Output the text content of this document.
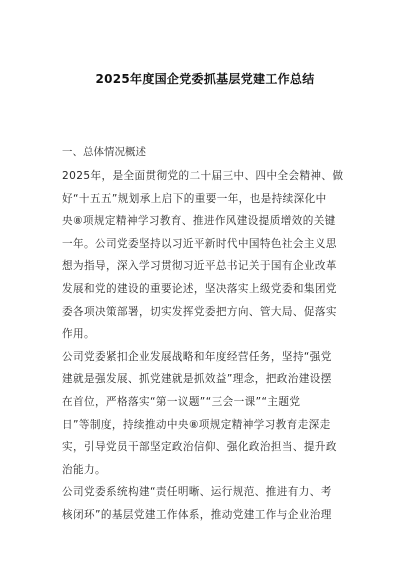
2025年度国企党委抓基层党建工作总结

一、总体情况概述

2025年，是全面贯彻党的二十届三中、四中全会精神、做
好“十五五”规划承上启下的重要一年，也是持续深化中
央⑧项规定精神学习教育、推进作风建设提质增效的关键
一年。公司党委坚持以习近平新时代中国特色社会主义思
想为指导，深入学习贯彻习近平总书记关于国有企业改革
发展和党的建设的重要论述，坚决落实上级党委和集团党
委各项决策部署，切实发挥党委把方向、管大局、促落实
作用。

公司党委紧扣企业发展战略和年度经营任务，坚持“强党
建就是强发展、抓党建就是抓效益”理念，把政治建设摆
在首位，严格落实“第一议题”“三会一课”“主题党
日”等制度，持续推动中央⑧项规定精神学习教育走深走
实，引导党员干部坚定政治信仰、强化政治担当、提升政
治能力。

公司党委系统构建“责任明晰、运行规范、推进有力、考
核闭环”的基层党建工作体系，推动党建工作与企业治理
